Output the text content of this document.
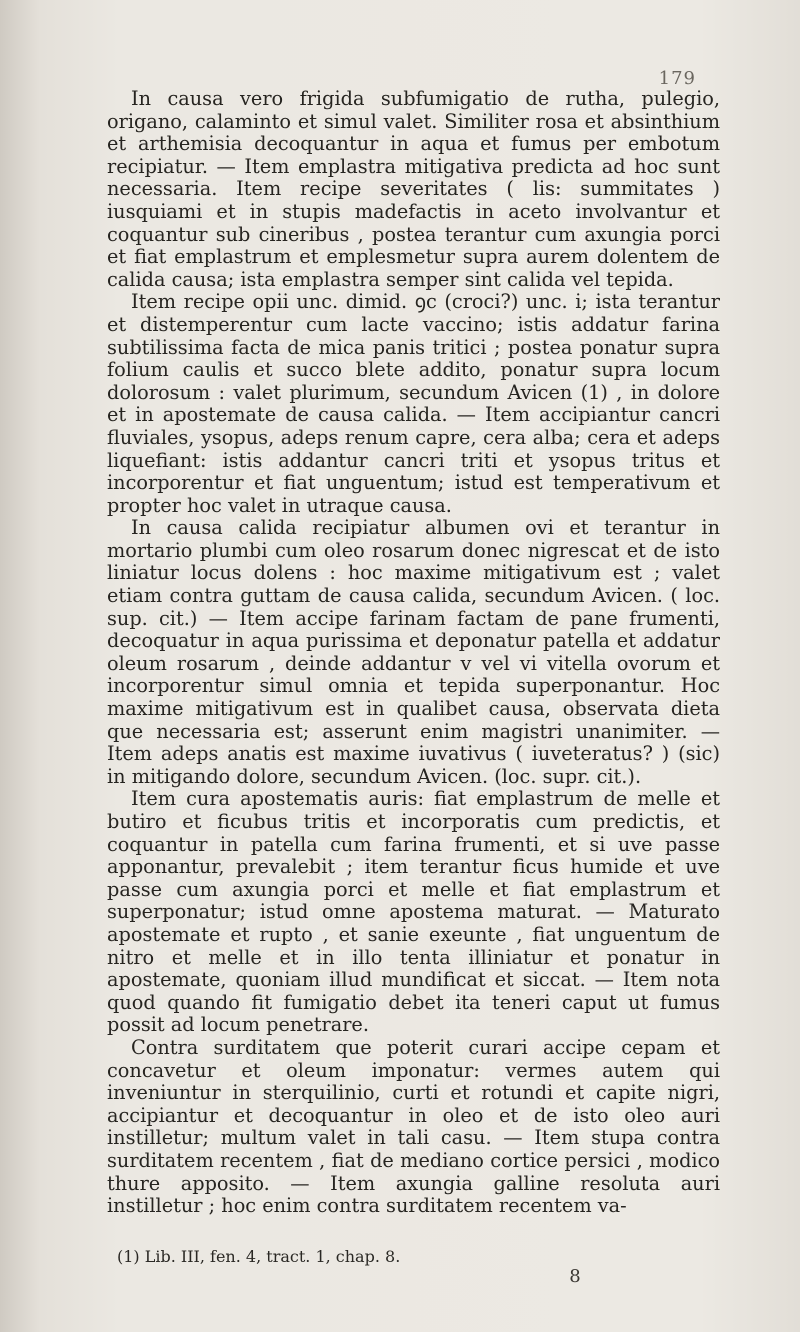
179

In causa vero frigida subfumigatio de rutha, pulegio, origano, calaminto et simul valet. Similiter rosa et absinthium et arthemisia decoquantur in aqua et fumus per embotum recipiatur. — Item emplastra mitigativa predicta ad hoc sunt necessaria. Item recipe severitates ( lis: summitates ) iusquiami et in stupis madefactis in aceto involvantur et coquantur sub cineribus , postea terantur cum axungia porci et fiat emplastrum et emplesmetur supra aurem dolentem de calida causa; ista emplastra semper sint calida vel tepida.

Item recipe opii unc. dimid. ꝯc (croci?) unc. i; ista terantur et distemperentur cum lacte vaccino; istis addatur farina subtilissima facta de mica panis tritici ; postea ponatur supra folium caulis et succo blete addito, ponatur supra locum dolorosum : valet plurimum, secundum Avicen (1) , in dolore et in apostemate de causa calida. — Item accipiantur cancri fluviales, ysopus, adeps renum capre, cera alba; cera et adeps liquefiant: istis addantur cancri triti et ysopus tritus et incorporentur et fiat unguentum; istud est temperativum et propter hoc valet in utraque causa.

In causa calida recipiatur albumen ovi et terantur in mortario plumbi cum oleo rosarum donec nigrescat et de isto liniatur locus dolens : hoc maxime mitigativum est ; valet etiam contra guttam de causa calida, secundum Avicen. ( loc. sup. cit.) — Item accipe farinam factam de pane frumenti, decoquatur in aqua purissima et deponatur patella et addatur oleum rosarum , deinde addantur v vel vi vitella ovorum et incorporentur simul omnia et tepida superponantur. Hoc maxime mitigativum est in qualibet causa, observata dieta que necessaria est; asserunt enim magistri unanimiter. — Item adeps anatis est maxime iuvativus ( iuveteratus? ) (sic) in mitigando dolore, secundum Avicen. (loc. supr. cit.).

Item cura apostematis auris: fiat emplastrum de melle et butiro et ficubus tritis et incorporatis cum predictis, et coquantur in patella cum farina frumenti, et si uve passe apponantur, prevalebit ; item terantur ficus humide et uve passe cum axungia porci et melle et fiat emplastrum et superponatur; istud omne apostema maturat. — Maturato apostemate et rupto , et sanie exeunte , fiat unguentum de nitro et melle et in illo tenta illiniatur et ponatur in apostemate, quoniam illud mundificat et siccat. — Item nota quod quando fit fumigatio debet ita teneri caput ut fumus possit ad locum penetrare.

Contra surditatem que poterit curari accipe cepam et concavetur et oleum imponatur: vermes autem qui inveniuntur in sterquilinio, curti et rotundi et capite nigri, accipiantur et decoquantur in oleo et de isto oleo auri instilletur; multum valet in tali casu. — Item stupa contra surditatem recentem , fiat de mediano cortice persici , modico thure apposito. — Item axungia galline resoluta auri instilletur ; hoc enim contra surditatem recentem va-

(1) Lib. III, fen. 4, tract. 1, chap. 8.
8
